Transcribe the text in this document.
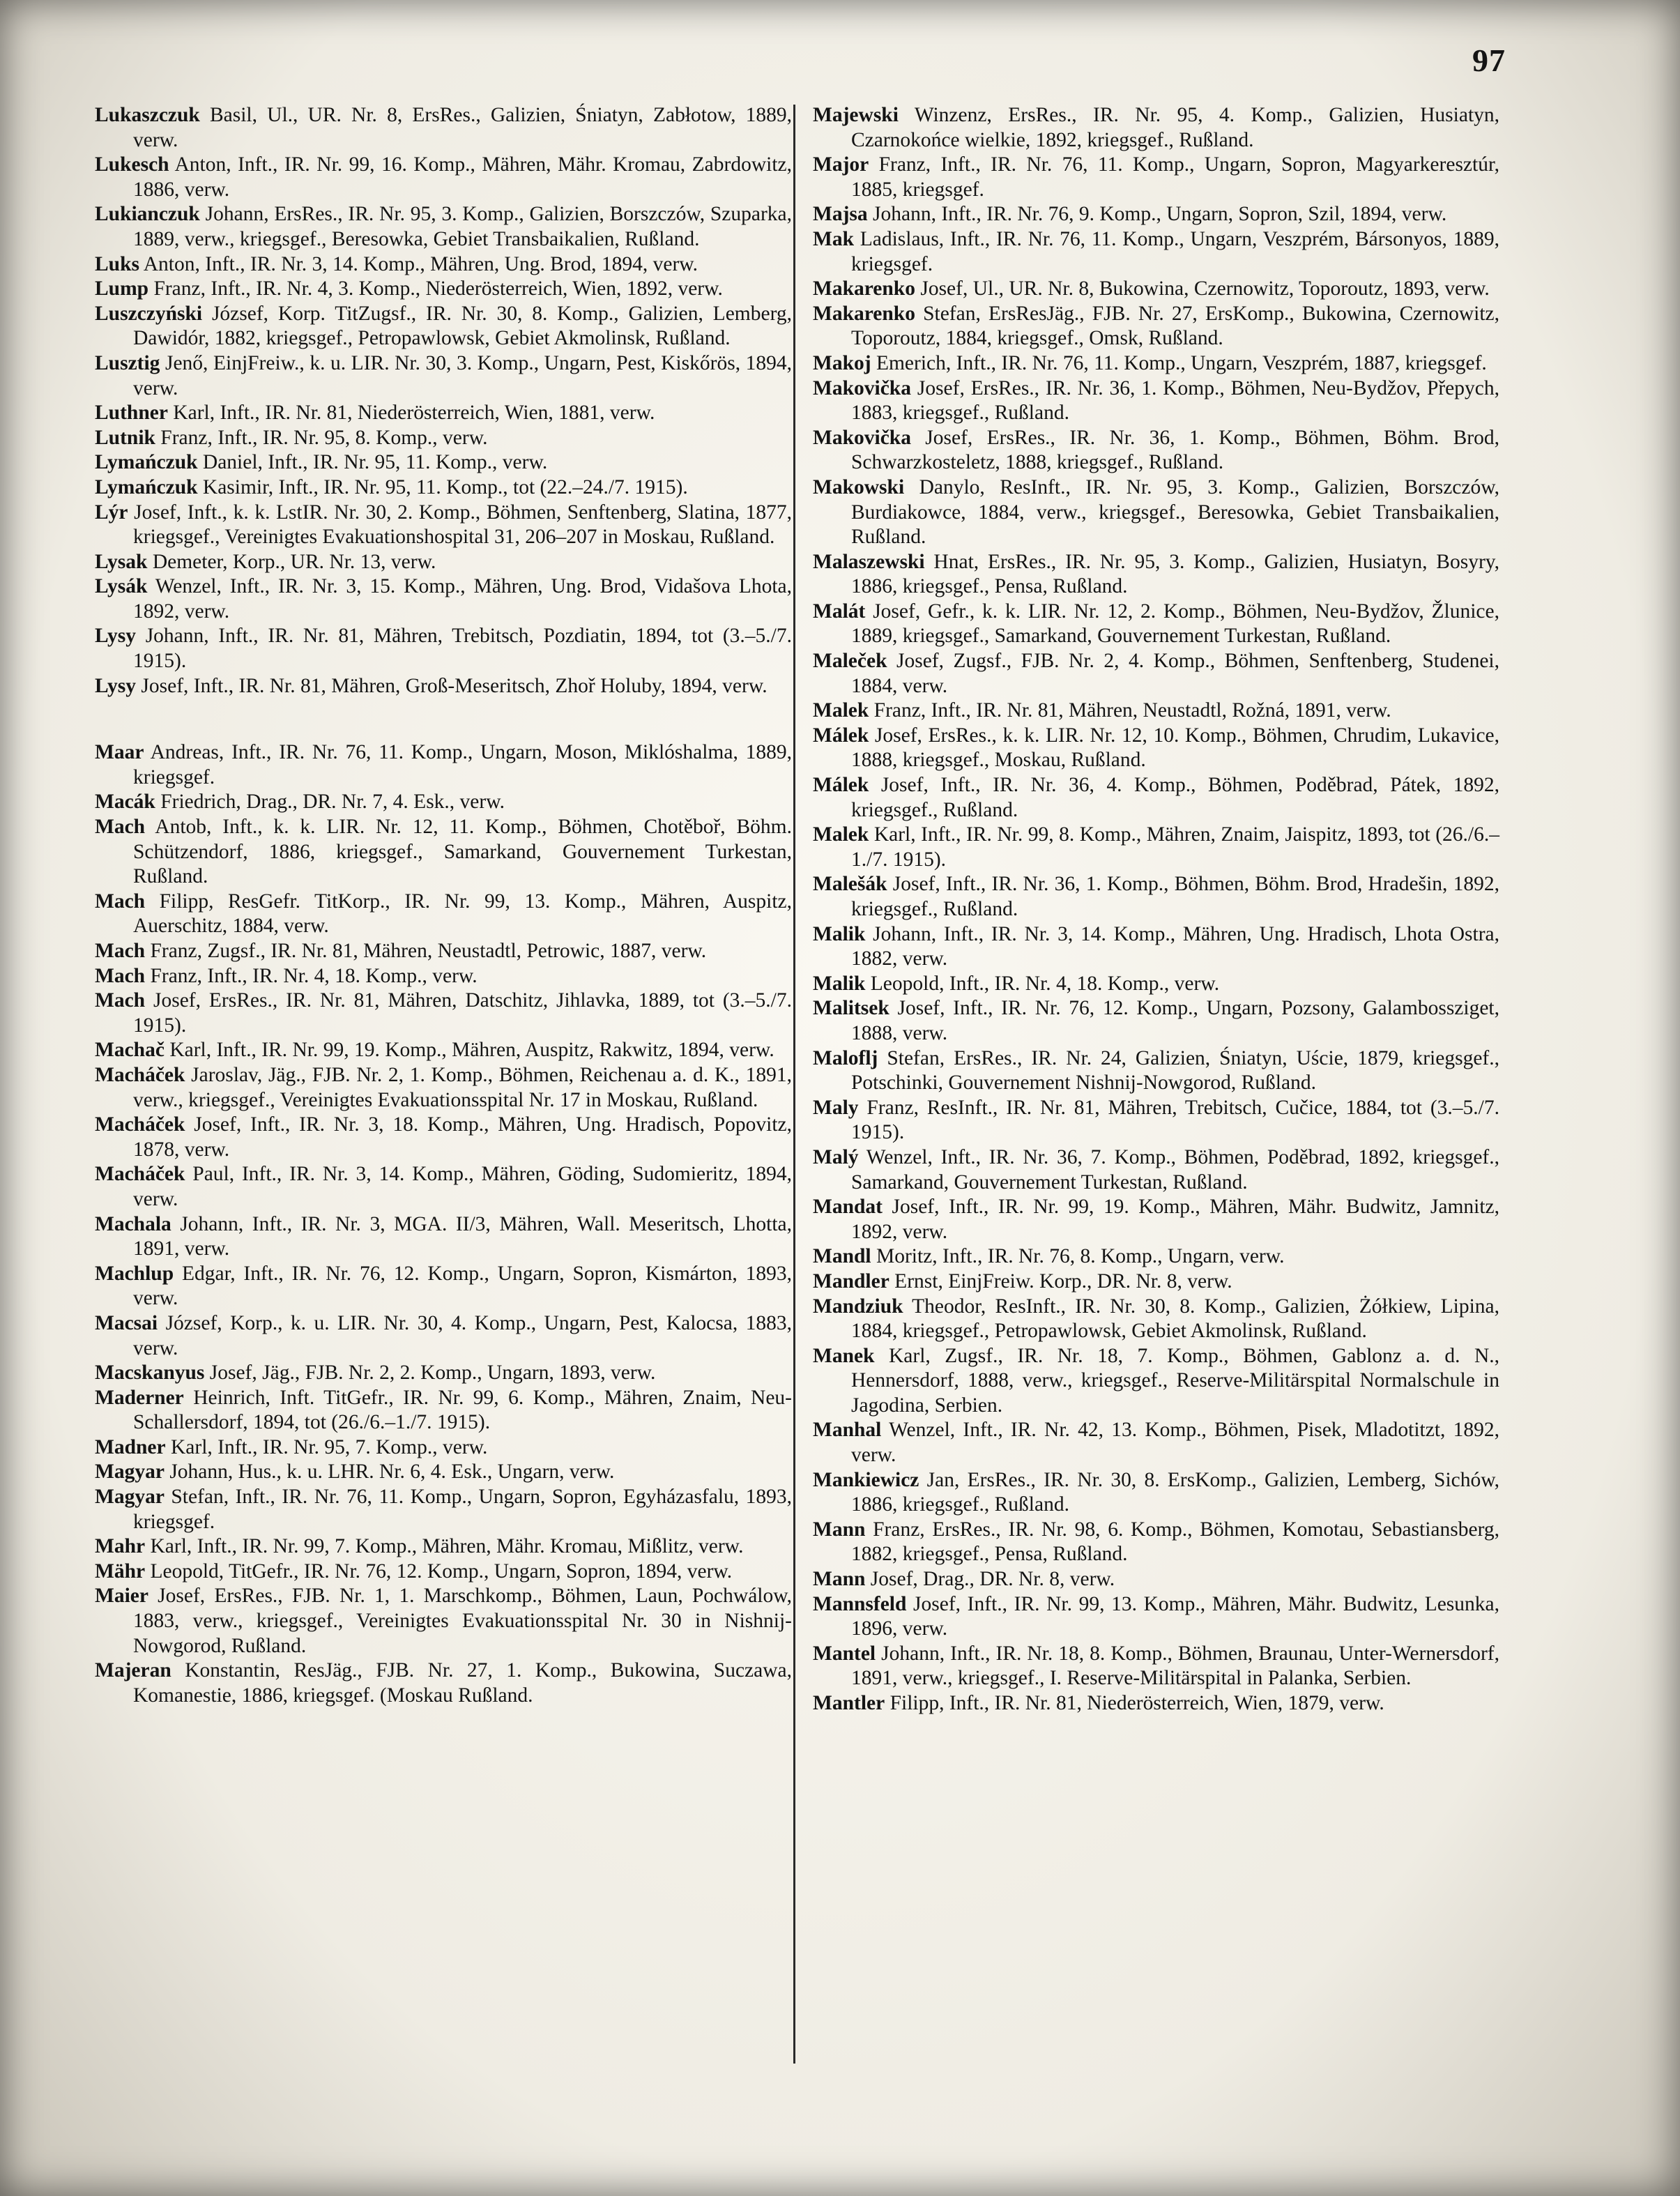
97

Lukaszczuk Basil, Ul., UR. Nr. 8, ErsRes., Galizien, Śniatyn, Zabłotow, 1889, verw.

Lukesch Anton, Inft., IR. Nr. 99, 16. Komp., Mähren, Mähr. Kromau, Zabrdowitz, 1886, verw.

Lukianczuk Johann, ErsRes., IR. Nr. 95, 3. Komp., Galizien, Borszczów, Szuparka, 1889, verw., kriegsgef., Beresowka, Gebiet Transbaikalien, Rußland.

Luks Anton, Inft., IR. Nr. 3, 14. Komp., Mähren, Ung. Brod, 1894, verw.

Lump Franz, Inft., IR. Nr. 4, 3. Komp., Niederösterreich, Wien, 1892, verw.

Luszczyński József, Korp. TitZugsf., IR. Nr. 30, 8. Komp., Galizien, Lemberg, Dawidór, 1882, kriegsgef., Petropawlowsk, Gebiet Akmolinsk, Rußland.

Lusztig Jenő, EinjFreiw., k. u. LIR. Nr. 30, 3. Komp., Ungarn, Pest, Kiskőrös, 1894, verw.

Luthner Karl, Inft., IR. Nr. 81, Niederösterreich, Wien, 1881, verw.

Lutnik Franz, Inft., IR. Nr. 95, 8. Komp., verw.

Lymańczuk Daniel, Inft., IR. Nr. 95, 11. Komp., verw.

Lymańczuk Kasimir, Inft., IR. Nr. 95, 11. Komp., tot (22.–24./7. 1915).

Lýr Josef, Inft., k. k. LstIR. Nr. 30, 2. Komp., Böhmen, Senftenberg, Slatina, 1877, kriegsgef., Vereinigtes Evakuationshospital 31, 206–207 in Moskau, Rußland.

Lysak Demeter, Korp., UR. Nr. 13, verw.

Lysák Wenzel, Inft., IR. Nr. 3, 15. Komp., Mähren, Ung. Brod, Vidašova Lhota, 1892, verw.

Lysy Johann, Inft., IR. Nr. 81, Mähren, Trebitsch, Pozdiatin, 1894, tot (3.–5./7. 1915).

Lysy Josef, Inft., IR. Nr. 81, Mähren, Groß-Meseritsch, Zhoř Holuby, 1894, verw.

Maar Andreas, Inft., IR. Nr. 76, 11. Komp., Ungarn, Moson, Miklóshalma, 1889, kriegsgef.

Macák Friedrich, Drag., DR. Nr. 7, 4. Esk., verw.

Mach Antob, Inft., k. k. LIR. Nr. 12, 11. Komp., Böhmen, Chotěboř, Böhm. Schützendorf, 1886, kriegsgef., Samarkand, Gouvernement Turkestan, Rußland.

Mach Filipp, ResGefr. TitKorp., IR. Nr. 99, 13. Komp., Mähren, Auspitz, Auerschitz, 1884, verw.

Mach Franz, Zugsf., IR. Nr. 81, Mähren, Neustadtl, Petrowic, 1887, verw.

Mach Franz, Inft., IR. Nr. 4, 18. Komp., verw.

Mach Josef, ErsRes., IR. Nr. 81, Mähren, Datschitz, Jihlavka, 1889, tot (3.–5./7. 1915).

Machač Karl, Inft., IR. Nr. 99, 19. Komp., Mähren, Auspitz, Rakwitz, 1894, verw.

Macháček Jaroslav, Jäg., FJB. Nr. 2, 1. Komp., Böhmen, Reichenau a. d. K., 1891, verw., kriegsgef., Vereinigtes Evakuationsspital Nr. 17 in Moskau, Rußland.

Macháček Josef, Inft., IR. Nr. 3, 18. Komp., Mähren, Ung. Hradisch, Popovitz, 1878, verw.

Macháček Paul, Inft., IR. Nr. 3, 14. Komp., Mähren, Göding, Sudomieritz, 1894, verw.

Machala Johann, Inft., IR. Nr. 3, MGA. II/3, Mähren, Wall. Meseritsch, Lhotta, 1891, verw.

Machlup Edgar, Inft., IR. Nr. 76, 12. Komp., Ungarn, Sopron, Kismárton, 1893, verw.

Macsai József, Korp., k. u. LIR. Nr. 30, 4. Komp., Ungarn, Pest, Kalocsa, 1883, verw.

Macskanyus Josef, Jäg., FJB. Nr. 2, 2. Komp., Ungarn, 1893, verw.

Maderner Heinrich, Inft. TitGefr., IR. Nr. 99, 6. Komp., Mähren, Znaim, Neu-Schallersdorf, 1894, tot (26./6.–1./7. 1915).

Madner Karl, Inft., IR. Nr. 95, 7. Komp., verw.

Magyar Johann, Hus., k. u. LHR. Nr. 6, 4. Esk., Ungarn, verw.

Magyar Stefan, Inft., IR. Nr. 76, 11. Komp., Ungarn, Sopron, Egyházasfalu, 1893, kriegsgef.

Mahr Karl, Inft., IR. Nr. 99, 7. Komp., Mähren, Mähr. Kromau, Mißlitz, verw.

Mähr Leopold, TitGefr., IR. Nr. 76, 12. Komp., Ungarn, Sopron, 1894, verw.

Maier Josef, ErsRes., FJB. Nr. 1, 1. Marschkomp., Böhmen, Laun, Pochwálow, 1883, verw., kriegsgef., Vereinigtes Evakuationsspital Nr. 30 in Nishnij-Nowgorod, Rußland.

Majeran Konstantin, ResJäg., FJB. Nr. 27, 1. Komp., Bukowina, Suczawa, Komanestie, 1886, kriegsgef. (Moskau Rußland.

Majewski Winzenz, ErsRes., IR. Nr. 95, 4. Komp., Galizien, Husiatyn, Czarnokońce wielkie, 1892, kriegsgef., Rußland.

Major Franz, Inft., IR. Nr. 76, 11. Komp., Ungarn, Sopron, Magyarkeresztúr, 1885, kriegsgef.

Majsa Johann, Inft., IR. Nr. 76, 9. Komp., Ungarn, Sopron, Szil, 1894, verw.

Mak Ladislaus, Inft., IR. Nr. 76, 11. Komp., Ungarn, Veszprém, Bársonyos, 1889, kriegsgef.

Makarenko Josef, Ul., UR. Nr. 8, Bukowina, Czernowitz, Toporoutz, 1893, verw.

Makarenko Stefan, ErsResJäg., FJB. Nr. 27, ErsKomp., Bukowina, Czernowitz, Toporoutz, 1884, kriegsgef., Omsk, Rußland.

Makoj Emerich, Inft., IR. Nr. 76, 11. Komp., Ungarn, Veszprém, 1887, kriegsgef.

Makovička Josef, ErsRes., IR. Nr. 36, 1. Komp., Böhmen, Neu-Bydžov, Přepych, 1883, kriegsgef., Rußland.

Makovička Josef, ErsRes., IR. Nr. 36, 1. Komp., Böhmen, Böhm. Brod, Schwarzkosteletz, 1888, kriegsgef., Rußland.

Makowski Danylo, ResInft., IR. Nr. 95, 3. Komp., Galizien, Borszczów, Burdiakowce, 1884, verw., kriegsgef., Beresowka, Gebiet Transbaikalien, Rußland.

Malaszewski Hnat, ErsRes., IR. Nr. 95, 3. Komp., Galizien, Husiatyn, Bosyry, 1886, kriegsgef., Pensa, Rußland.

Malát Josef, Gefr., k. k. LIR. Nr. 12, 2. Komp., Böhmen, Neu-Bydžov, Žlunice, 1889, kriegsgef., Samarkand, Gouvernement Turkestan, Rußland.

Maleček Josef, Zugsf., FJB. Nr. 2, 4. Komp., Böhmen, Senftenberg, Studenei, 1884, verw.

Malek Franz, Inft., IR. Nr. 81, Mähren, Neustadtl, Rožná, 1891, verw.

Málek Josef, ErsRes., k. k. LIR. Nr. 12, 10. Komp., Böhmen, Chrudim, Lukavice, 1888, kriegsgef., Moskau, Rußland.

Málek Josef, Inft., IR. Nr. 36, 4. Komp., Böhmen, Poděbrad, Pátek, 1892, kriegsgef., Rußland.

Malek Karl, Inft., IR. Nr. 99, 8. Komp., Mähren, Znaim, Jaispitz, 1893, tot (26./6.–1./7. 1915).

Malešák Josef, Inft., IR. Nr. 36, 1. Komp., Böhmen, Böhm. Brod, Hradešin, 1892, kriegsgef., Rußland.

Malik Johann, Inft., IR. Nr. 3, 14. Komp., Mähren, Ung. Hradisch, Lhota Ostra, 1882, verw.

Malik Leopold, Inft., IR. Nr. 4, 18. Komp., verw.

Malitsek Josef, Inft., IR. Nr. 76, 12. Komp., Ungarn, Pozsony, Galambossziget, 1888, verw.

Maloflj Stefan, ErsRes., IR. Nr. 24, Galizien, Śniatyn, Uście, 1879, kriegsgef., Potschinki, Gouvernement Nishnij-Nowgorod, Rußland.

Maly Franz, ResInft., IR. Nr. 81, Mähren, Trebitsch, Cučice, 1884, tot (3.–5./7. 1915).

Malý Wenzel, Inft., IR. Nr. 36, 7. Komp., Böhmen, Poděbrad, 1892, kriegsgef., Samarkand, Gouvernement Turkestan, Rußland.

Mandat Josef, Inft., IR. Nr. 99, 19. Komp., Mähren, Mähr. Budwitz, Jamnitz, 1892, verw.

Mandl Moritz, Inft., IR. Nr. 76, 8. Komp., Ungarn, verw.

Mandler Ernst, EinjFreiw. Korp., DR. Nr. 8, verw.

Mandziuk Theodor, ResInft., IR. Nr. 30, 8. Komp., Galizien, Żółkiew, Lipina, 1884, kriegsgef., Petropawlowsk, Gebiet Akmolinsk, Rußland.

Manek Karl, Zugsf., IR. Nr. 18, 7. Komp., Böhmen, Gablonz a. d. N., Hennersdorf, 1888, verw., kriegsgef., Reserve-Militärspital Normalschule in Jagodina, Serbien.

Manhal Wenzel, Inft., IR. Nr. 42, 13. Komp., Böhmen, Pisek, Mladotitzt, 1892, verw.

Mankiewicz Jan, ErsRes., IR. Nr. 30, 8. ErsKomp., Galizien, Lemberg, Sichów, 1886, kriegsgef., Rußland.

Mann Franz, ErsRes., IR. Nr. 98, 6. Komp., Böhmen, Komotau, Sebastiansberg, 1882, kriegsgef., Pensa, Rußland.

Mann Josef, Drag., DR. Nr. 8, verw.

Mannsfeld Josef, Inft., IR. Nr. 99, 13. Komp., Mähren, Mähr. Budwitz, Lesunka, 1896, verw.

Mantel Johann, Inft., IR. Nr. 18, 8. Komp., Böhmen, Braunau, Unter-Wernersdorf, 1891, verw., kriegsgef., I. Reserve-Militärspital in Palanka, Serbien.

Mantler Filipp, Inft., IR. Nr. 81, Niederösterreich, Wien, 1879, verw.
